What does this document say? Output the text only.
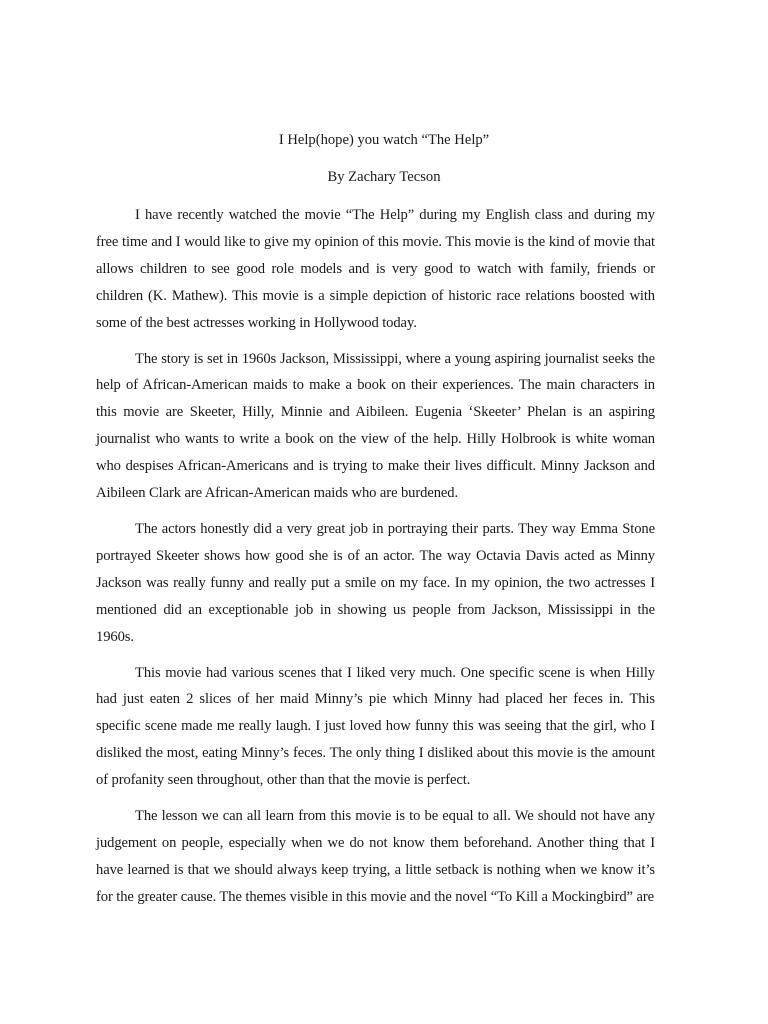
I Help(hope) you watch “The Help”
By Zachary Tecson

I have recently watched the movie “The Help” during my English class and during my free time and I would like to give my opinion of this movie. This movie is the kind of movie that allows children to see good role models and is very good to watch with family, friends or children (K. Mathew). This movie is a simple depiction of historic race relations boosted with some of the best actresses working in Hollywood today.

The story is set in 1960s Jackson, Mississippi, where a young aspiring journalist seeks the help of African-American maids to make a book on their experiences. The main characters in this movie are Skeeter, Hilly, Minnie and Aibileen. Eugenia ‘Skeeter’ Phelan is an aspiring journalist who wants to write a book on the view of the help. Hilly Holbrook is white woman who despises African-Americans and is trying to make their lives difficult. Minny Jackson and Aibileen Clark are African-American maids who are burdened.

The actors honestly did a very great job in portraying their parts. They way Emma Stone portrayed Skeeter shows how good she is of an actor. The way Octavia Davis acted as Minny Jackson was really funny and really put a smile on my face. In my opinion, the two actresses I mentioned did an exceptionable job in showing us people from Jackson, Mississippi in the 1960s.

This movie had various scenes that I liked very much. One specific scene is when Hilly had just eaten 2 slices of her maid Minny’s pie which Minny had placed her feces in. This specific scene made me really laugh. I just loved how funny this was seeing that the girl, who I disliked the most, eating Minny’s feces. The only thing I disliked about this movie is the amount of profanity seen throughout, other than that the movie is perfect.

The lesson we can all learn from this movie is to be equal to all. We should not have any judgement on people, especially when we do not know them beforehand. Another thing that I have learned is that we should always keep trying, a little setback is nothing when we know it’s for the greater cause. The themes visible in this movie and the novel “To Kill a Mockingbird” are
